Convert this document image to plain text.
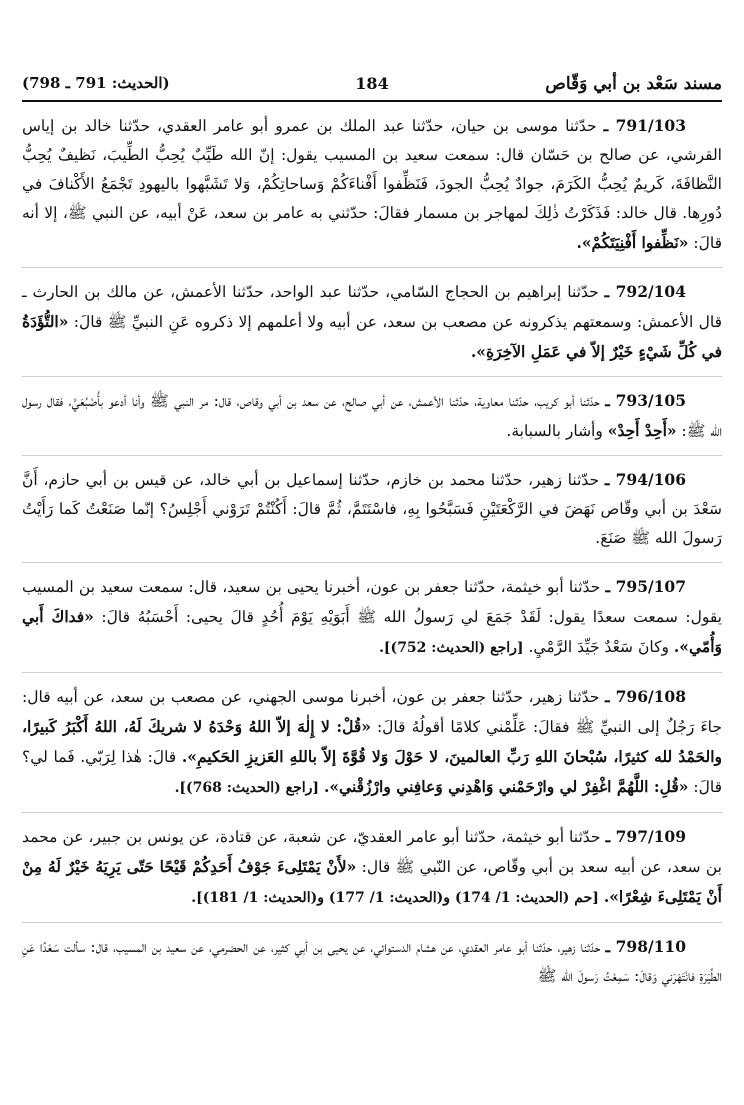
مسند سَعْد بن أبي وَقّاص
184
(الحديث: 791 ـ 798)

791/103 ـ حدّثنا موسى بن حيان، حدّثنا عبد الملك بن عمرو أبو عامر العقدي، حدّثنا خالد بن إياس القرشي، عن صالح بن حَسّان قال: سمعت سعيد بن المسيب يقول: إنّ الله طَيِّبٌ يُحِبُّ الطِّيبَ، نَظيفٌ يُحِبُّ النَّظافَةَ، كَريمٌ يُحِبُّ الكَرَمَ، جوادٌ يُحِبُّ الجودَ، فَنَظِّفوا أَفْناءَكُمْ وَساحاتِكُمْ، وَلا تَشَبَّهوا باليهودِ تَجْمَعُ الأَكْنافَ في دُورِها. قال خالد: فَذَكَرْتُ ذٰلِكَ لمهاجر بن مسمار فقالَ: حدّثني به عامر بن سعد، عَنْ أبيه، عن النبي ﷺ، إلا أنه قالَ: «نَظِّفوا أَفْنِيَتَكُمْ».

792/104 ـ حدّثنا إبراهيم بن الحجاج السّامي، حدّثنا عبد الواحد، حدّثنا الأعمش، عن مالك بن الحارث ـ قال الأعمش: وسمعتهم يذكرونه عن مصعب بن سعد، عن أبيه ولا أعلمهم إلا ذكروه عَنِ النبيِّ ﷺ قالَ: «التُّؤَدَةُ في كُلِّ شَيْءٍ خَيْرٌ إلاّ في عَمَلِ الآخِرَةِ».

793/105 ـ حدّثنا أبو كريب، حدّثنا معاوية، حدّثنا الأعمش، عن أبي صالح، عن سعد بن أبي وقاص، قال: مر النبي ﷺ وأنا أدعو بأُصْبُعَيَّ، فقال رسول الله ﷺ: «أَحِدْ أَحِدْ» وأشار بالسبابة.

794/106 ـ حدّثنا زهير، حدّثنا محمد بن خازم، حدّثنا إسماعيل بن أبي خالد، عن قيس بن أبي حازم، أَنَّ سَعْدَ بن أبي وقّاص نَهَضَ في الرَّكْعَتَيْنِ فَسَبَّحُوا بِهِ، فاسْتَتَمَّ، ثُمَّ قالَ: أَكُنْتُمْ تَرَوْني أَجْلِسُ؟ إنّما صَنَعْتُ كَما رَأَيْتُ رَسولَ الله ﷺ صَنَعَ.

795/107 ـ حدّثنا أبو خيثمة، حدّثنا جعفر بن عون، أخبرنا يحيى بن سعيد، قال: سمعت سعيد بن المسيب يقول: سمعت سعدًا يقول: لَقَدْ جَمَعَ لي رَسولُ الله ﷺ أَبَوَيْهِ يَوْمَ أُحُدٍ قالَ يحيى: أَحْسَبُهُ قالَ: «فداكَ أَبي وَأُمّي». وكانَ سَعْدٌ جَيِّدَ الرَّمْيِ. [راجع (الحديث: 752)].

796/108 ـ حدّثنا زهير، حدّثنا جعفر بن عون، أخبرنا موسى الجهني، عن مصعب بن سعد، عن أبيه قال: جاءَ رَجُلٌ إلى النبيِّ ﷺ فقالَ: عَلِّمْني كلامًا أقولُهُ قالَ: «قُلْ: لا إِلٰهَ إلاّ اللهُ وَحْدَهُ لا شريكَ لَهُ، اللهُ أَكْبَرُ كَبيرًا، والحَمْدُ لله كثيرًا، سُبْحانَ اللهِ رَبِّ العالمينَ، لا حَوْلَ وَلا قُوَّةَ إلاّ باللهِ العَزيزِ الحَكيمِ». قالَ: هٰذا لِرَبّي. فَما لي؟ قالَ: «قُلِ: اللَّهُمَّ اغْفِرْ لي وارْحَمْني وَاهْدِني وَعافِني وارْزُقْني». [راجع (الحديث: 768)].

797/109 ـ حدّثنا أبو خيثمة، حدّثنا أبو عامر العقديّ، عن شعبة، عن قتادة، عن يونس بن جبير، عن محمد بن سعد، عن أبيه سعد بن أبي وقّاص، عن النّبي ﷺ قال: «لأَنْ يَمْتَلِىءَ جَوْفُ أَحَدِكُمْ قَيْحًا حَتّى يَرِيَهُ خَيْرٌ لَهُ مِنْ أَنْ يَمْتَلِىءَ شِعْرًا». [حم (الحديث: 1/ 174) و(الحديث: 1/ 177) و(الحديث: 1/ 181)].

798/110 ـ حدّثنا زهير، حدّثنا أبو عامر العقدي، عن هشام الدستوائي، عن يحيى بن أبي كثير، عن الحضرمي، عن سعيد بن المسيب، قال: سألت سَعْدًا عَنِ الطِّيَرَةِ فانْتَهَرَني وَقالَ: سَمِعْتُ رَسولَ الله ﷺ
